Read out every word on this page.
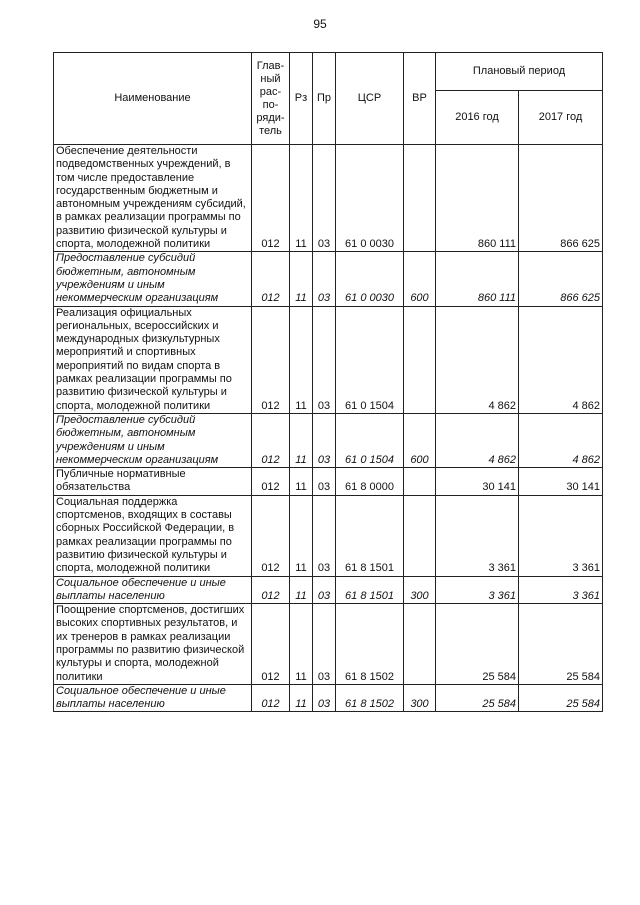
95
Наименование	Глав-ный рас-по-ряди-тель	Рз	Пр	ЦСР	ВР	Плановый период	
						2016 год	2017 год
Обеспечение деятельности подведомственных учреждений, в том числе предоставление государственным бюджетным и автономным учреждениям субсидий, в рамках реализации программы по развитию физической культуры и спорта, молодежной политики	012	11	03	61 0 0030		860 111	866 625
Предоставление субсидий бюджетным, автономным учреждениям и иным некоммерческим организациям	012	11	03	61 0 0030	600	860 111	866 625
Реализация официальных региональных, всероссийских и международных физкультурных мероприятий и спортивных мероприятий по видам спорта в рамках реализации программы по развитию физической культуры и спорта, молодежной политики	012	11	03	61 0 1504		4 862	4 862
Предоставление субсидий бюджетным, автономным учреждениям и иным некоммерческим организациям	012	11	03	61 0 1504	600	4 862	4 862
Публичные нормативные обязательства	012	11	03	61 8 0000		30 141	30 141
Социальная поддержка спортсменов, входящих в составы сборных Российской Федерации, в рамках реализации программы по развитию физической культуры и спорта, молодежной политики	012	11	03	61 8 1501		3 361	3 361
Социальное обеспечение и иные выплаты населению	012	11	03	61 8 1501	300	3 361	3 361
Поощрение спортсменов, достигших высоких спортивных результатов, и их тренеров в рамках реализации программы по развитию физической культуры и спорта, молодежной политики	012	11	03	61 8 1502		25 584	25 584
Социальное обеспечение и иные выплаты населению	012	11	03	61 8 1502	300	25 584	25 584
